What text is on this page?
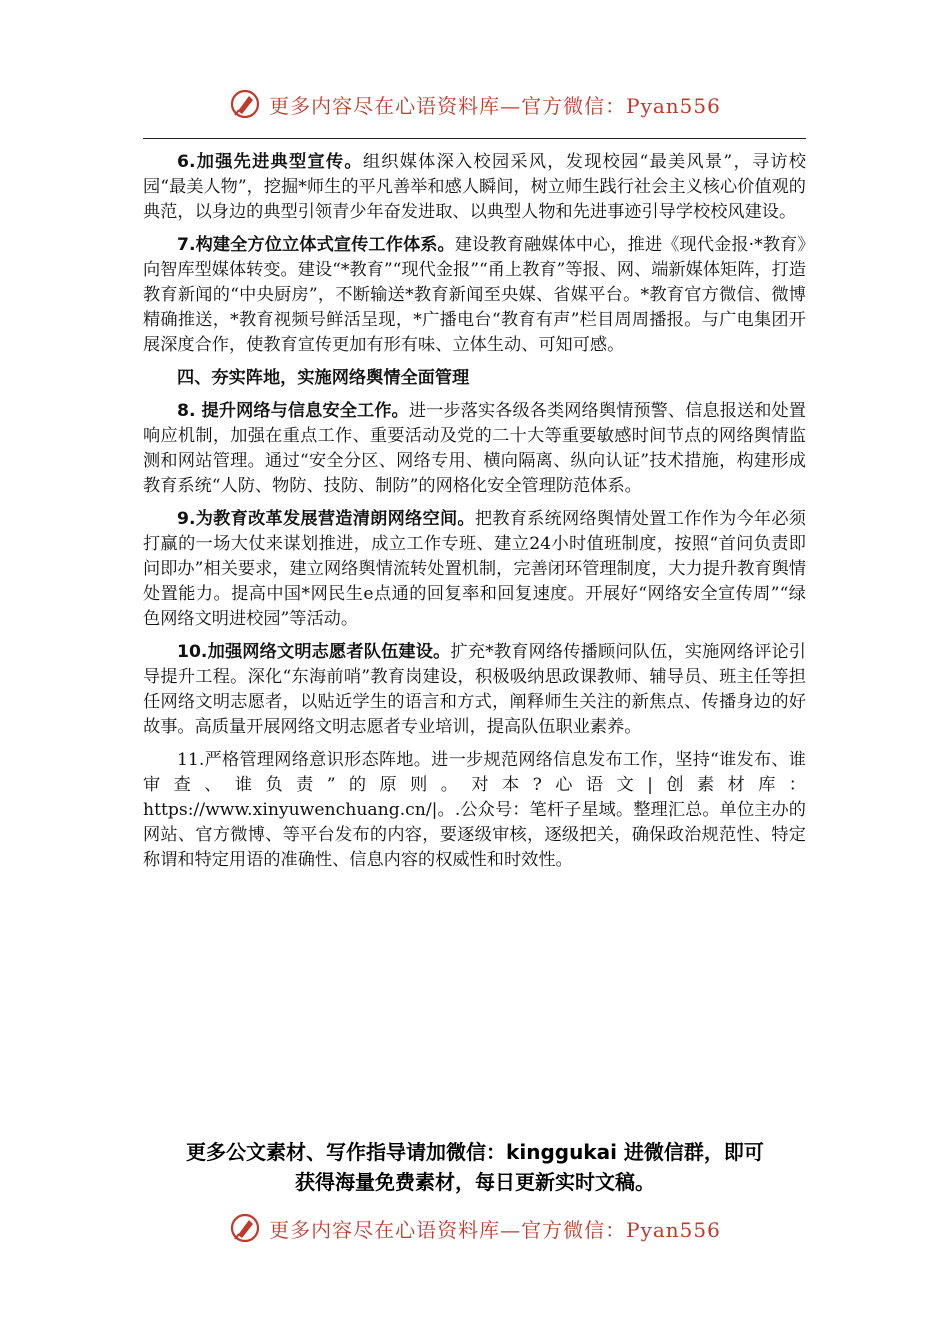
更多内容尽在心语资料库—官方微信：Pyan556

6.加强先进典型宣传。组织媒体深入校园采风，发现校园“最美风景”，寻访校园“最美人物”，挖掘*师生的平凡善举和感人瞬间，树立师生践行社会主义核心价值观的典范，以身边的典型引领青少年奋发进取、以典型人物和先进事迹引导学校校风建设。

7.构建全方位立体式宣传工作体系。建设教育融媒体中心，推进《现代金报·*教育》向智库型媒体转变。建设“*教育”“现代金报”“甬上教育”等报、网、端新媒体矩阵，打造教育新闻的“中央厨房”，不断输送*教育新闻至央媒、省媒平台。*教育官方微信、微博精确推送，*教育视频号鲜活呈现，*广播电台“教育有声”栏目周周播报。与广电集团开展深度合作，使教育宣传更加有形有味、立体生动、可知可感。

四、夯实阵地，实施网络舆情全面管理

8. 提升网络与信息安全工作。进一步落实各级各类网络舆情预警、信息报送和处置响应机制，加强在重点工作、重要活动及党的二十大等重要敏感时间节点的网络舆情监测和网站管理。通过“安全分区、网络专用、横向隔离、纵向认证”技术措施，构建形成教育系统“人防、物防、技防、制防”的网格化安全管理防范体系。

9.为教育改革发展营造清朗网络空间。把教育系统网络舆情处置工作作为今年必须打赢的一场大仗来谋划推进，成立工作专班、建立24小时值班制度，按照“首问负责即问即办”相关要求，建立网络舆情流转处置机制，完善闭环管理制度，大力提升教育舆情处置能力。提高中国*网民生e点通的回复率和回复速度。开展好“网络安全宣传周”“绿色网络文明进校园”等活动。

10.加强网络文明志愿者队伍建设。扩充*教育网络传播顾问队伍，实施网络评论引导提升工程。深化“东海前哨”教育岗建设，积极吸纳思政课教师、辅导员、班主任等担任网络文明志愿者，以贴近学生的语言和方式，阐释师生关注的新焦点、传播身边的好故事。高质量开展网络文明志愿者专业培训，提高队伍职业素养。

11.严格管理网络意识形态阵地。进一步规范网络信息发布工作，坚持“谁发布、谁审查、谁负责”的原则。对本?心语文|创素材库：https://www.xinyuwenchuang.cn/|。.公众号：笔杆子星域。整理汇总。单位主办的网站、官方微博、等平台发布的内容，要逐级审核，逐级把关，确保政治规范性、特定称谓和特定用语的准确性、信息内容的权威性和时效性。

更多公文素材、写作指导请加微信：kinggukai 进微信群，即可
获得海量免费素材，每日更新实时文稿。
更多内容尽在心语资料库—官方微信：Pyan556
